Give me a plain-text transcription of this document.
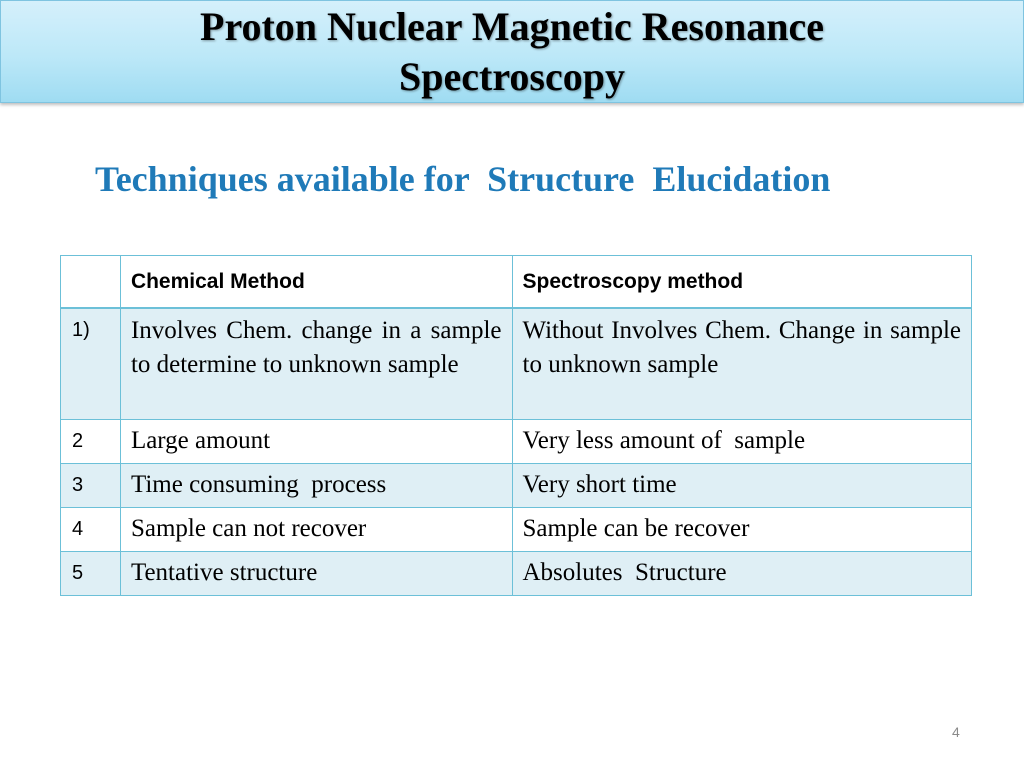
Proton Nuclear Magnetic Resonance
Spectroscopy
Techniques available for  Structure  Elucidation
	Chemical Method	Spectroscopy method
1)	Involves Chem. change in a sample to determine to unknown sample	Without Involves Chem. Change in sample to unknown sample
2	Large amount	Very less amount of  sample
3	Time consuming  process	Very short time
4	Sample can not recover	Sample can be recover
5	Tentative structure	Absolutes  Structure
4
